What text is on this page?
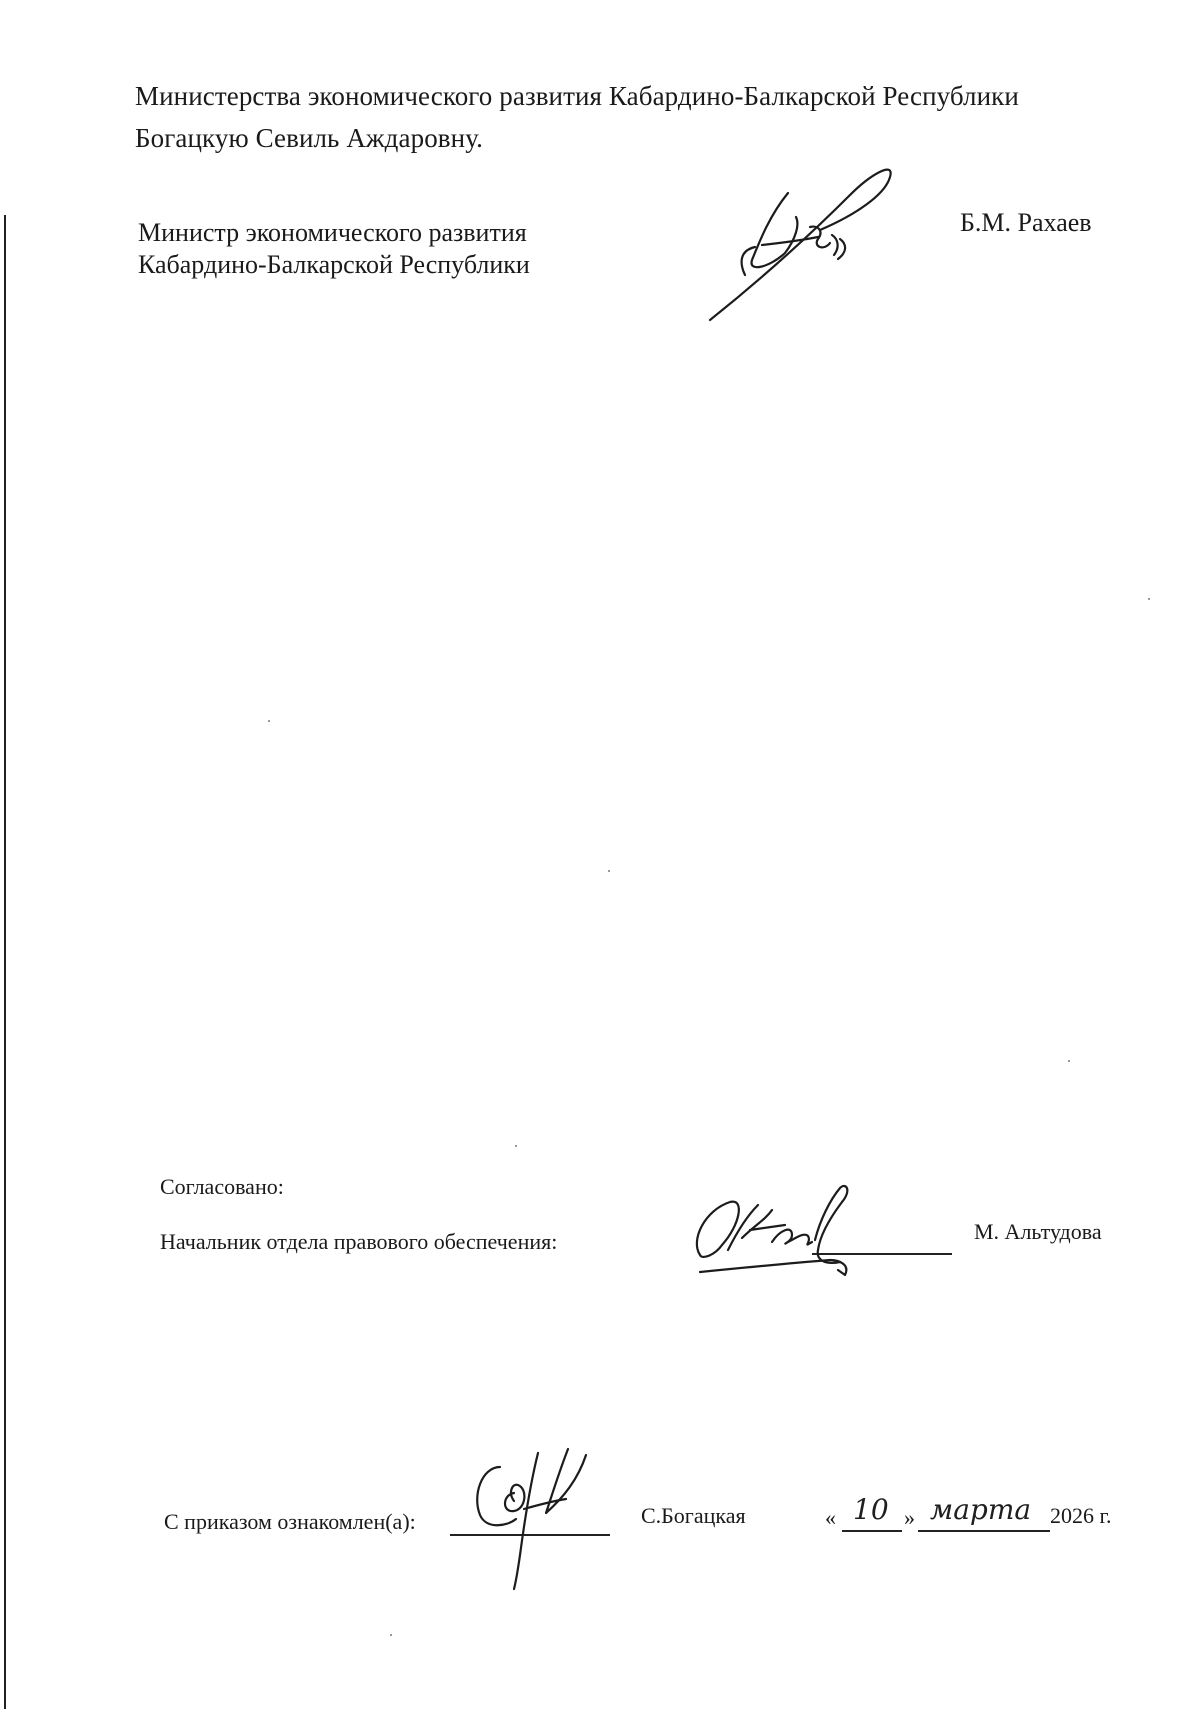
Министерства экономического развития Кабардино-Балкарской Республики
Богацкую Севиль Аждаровну.
Министр экономического развития
Кабардино-Балкарской Республики
Б.М. Рахаев
Согласовано:
Начальник отдела правового обеспечения:	М. Альтудова
С приказом ознакомлен(а):	С.Богацкая	« 10 » марта 2026 г.
